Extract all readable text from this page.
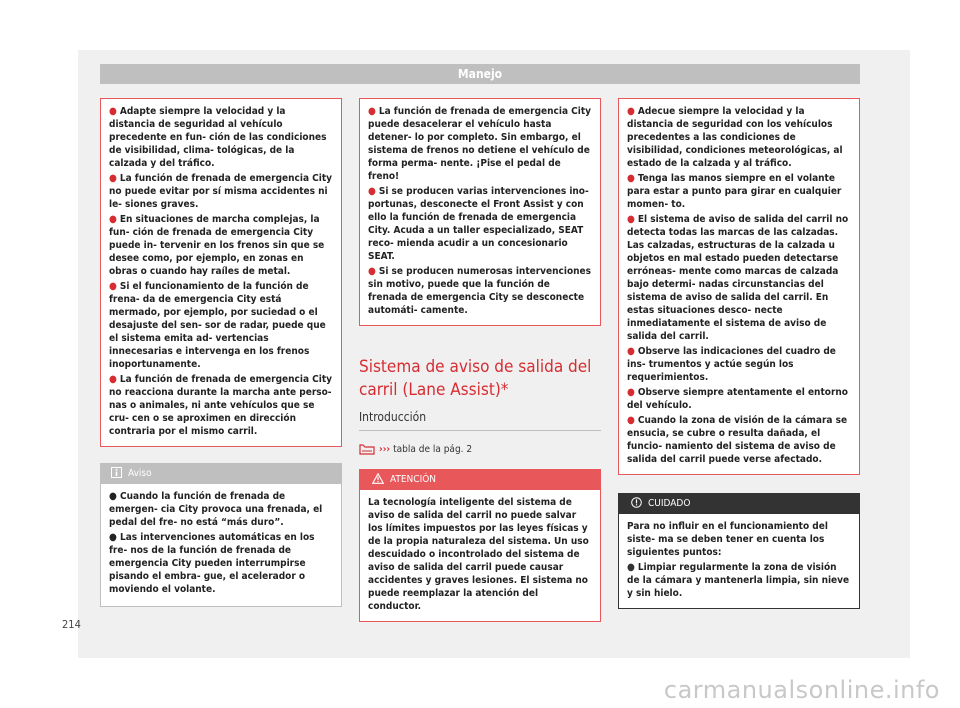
Manejo
● Adapte siempre la velocidad y la distancia de seguridad al vehículo precedente en fun- ción de las condiciones de visibilidad, clima- tológicas, de la calzada y del tráfico.
● La función de frenada de emergencia City no puede evitar por sí misma accidentes ni le- siones graves.
● En situaciones de marcha complejas, la fun- ción de frenada de emergencia City puede in- tervenir en los frenos sin que se desee como, por ejemplo, en zonas en obras o cuando hay raíles de metal.
● Si el funcionamiento de la función de frena- da de emergencia City está mermado, por ejemplo, por suciedad o el desajuste del sen- sor de radar, puede que el sistema emita ad- vertencias innecesarias e intervenga en los frenos inoportunamente.
● La función de frenada de emergencia City no reacciona durante la marcha ante perso- nas o animales, ni ante vehículos que se cru- cen o se aproximen en dirección contraria por el mismo carril.
Aviso
● Cuando la función de frenada de emergen- cia City provoca una frenada, el pedal del fre- no está “más duro”.
● Las intervenciones automáticas en los fre- nos de la función de frenada de emergencia City pueden interrumpirse pisando el embra- gue, el acelerador o moviendo el volante.
● La función de frenada de emergencia City puede desacelerar el vehículo hasta detener- lo por completo. Sin embargo, el sistema de frenos no detiene el vehículo de forma perma- nente. ¡Pise el pedal de freno!
● Si se producen varias intervenciones ino- portunas, desconecte el Front Assist y con ello la función de frenada de emergencia City. Acuda a un taller especializado, SEAT reco- mienda acudir a un concesionario SEAT.
● Si se producen numerosas intervenciones sin motivo, puede que la función de frenada de emergencia City se desconecte automáti- camente.
Sistema de aviso de salida del carril (Lane Assist)*
Introducción
››› tabla de la pág. 2
ATENCIÓN
La tecnología inteligente del sistema de aviso de salida del carril no puede salvar los límites impuestos por las leyes físicas y de la propia naturaleza del sistema. Un uso descuidado o incontrolado del sistema de aviso de salida del carril puede causar accidentes y graves lesiones. El sistema no puede reemplazar la atención del conductor.
● Adecue siempre la velocidad y la distancia de seguridad con los vehículos precedentes a las condiciones de visibilidad, condiciones meteorológicas, al estado de la calzada y al tráfico.
● Tenga las manos siempre en el volante para estar a punto para girar en cualquier momen- to.
● El sistema de aviso de salida del carril no detecta todas las marcas de las calzadas. Las calzadas, estructuras de la calzada u objetos en mal estado pueden detectarse erróneas- mente como marcas de calzada bajo determi- nadas circunstancias del sistema de aviso de salida del carril. En estas situaciones desco- necte inmediatamente el sistema de aviso de salida del carril.
● Observe las indicaciones del cuadro de ins- trumentos y actúe según los requerimientos.
● Observe siempre atentamente el entorno del vehículo.
● Cuando la zona de visión de la cámara se ensucia, se cubre o resulta dañada, el funcio- namiento del sistema de aviso de salida del carril puede verse afectado.
CUIDADO
Para no influir en el funcionamiento del siste- ma se deben tener en cuenta los siguientes puntos:
● Limpiar regularmente la zona de visión de la cámara y mantenerla limpia, sin nieve y sin hielo.
214
carmanualsonline.info
